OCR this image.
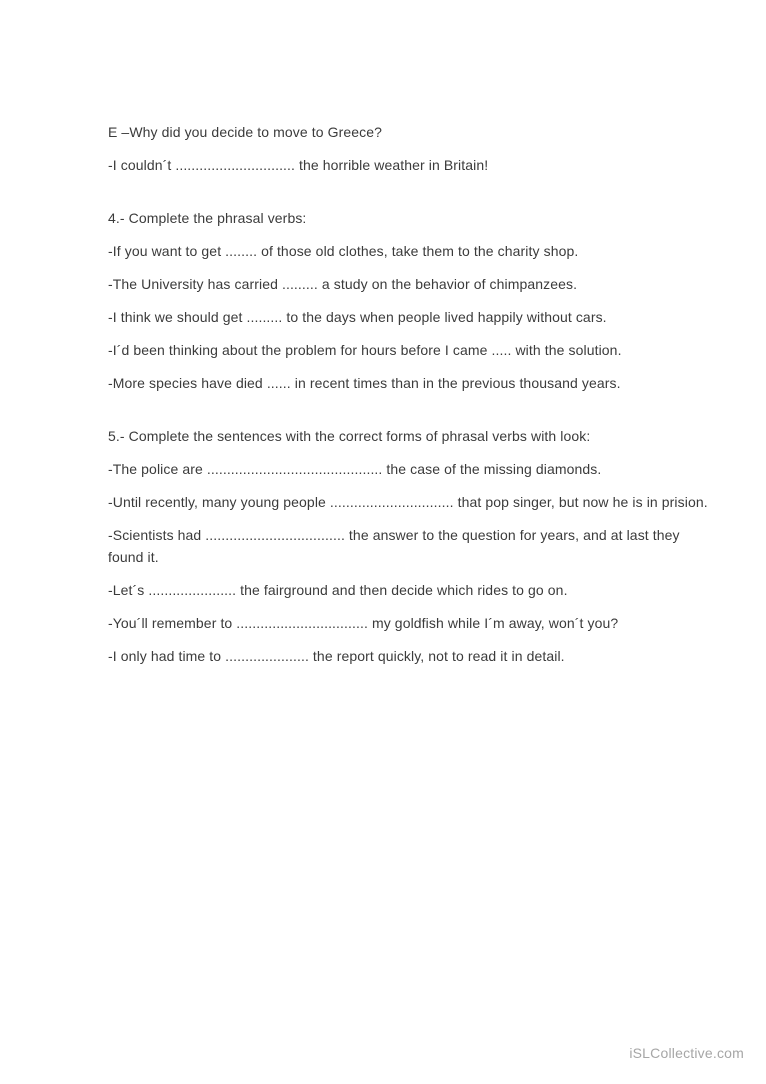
E –Why did you decide to move to Greece?

-I couldn´t .............................. the horrible weather in Britain!

4.- Complete the phrasal verbs:

-If you want to get ........ of those old clothes, take them to the charity shop.

-The University has carried ......... a study on the behavior of chimpanzees.

-I think we should get ......... to the days when people lived happily without cars.

-I´d been thinking about the problem for hours before I came ..... with the solution.

-More species have died ...... in recent times than in the previous thousand years.

5.- Complete the sentences with the correct forms of phrasal verbs with look:

-The police are ............................................ the case of the missing diamonds.

-Until recently, many young people ............................... that pop singer, but now he is in prision.

-Scientists had ................................... the answer to the question for years, and at last they

found it.

-Let´s ...................... the fairground and then decide which rides to go on.

-You´ll remember to ................................. my goldfish while I´m away, won´t you?

-I only had time to ..................... the report quickly, not to read it in detail.

iSLCollective.com
